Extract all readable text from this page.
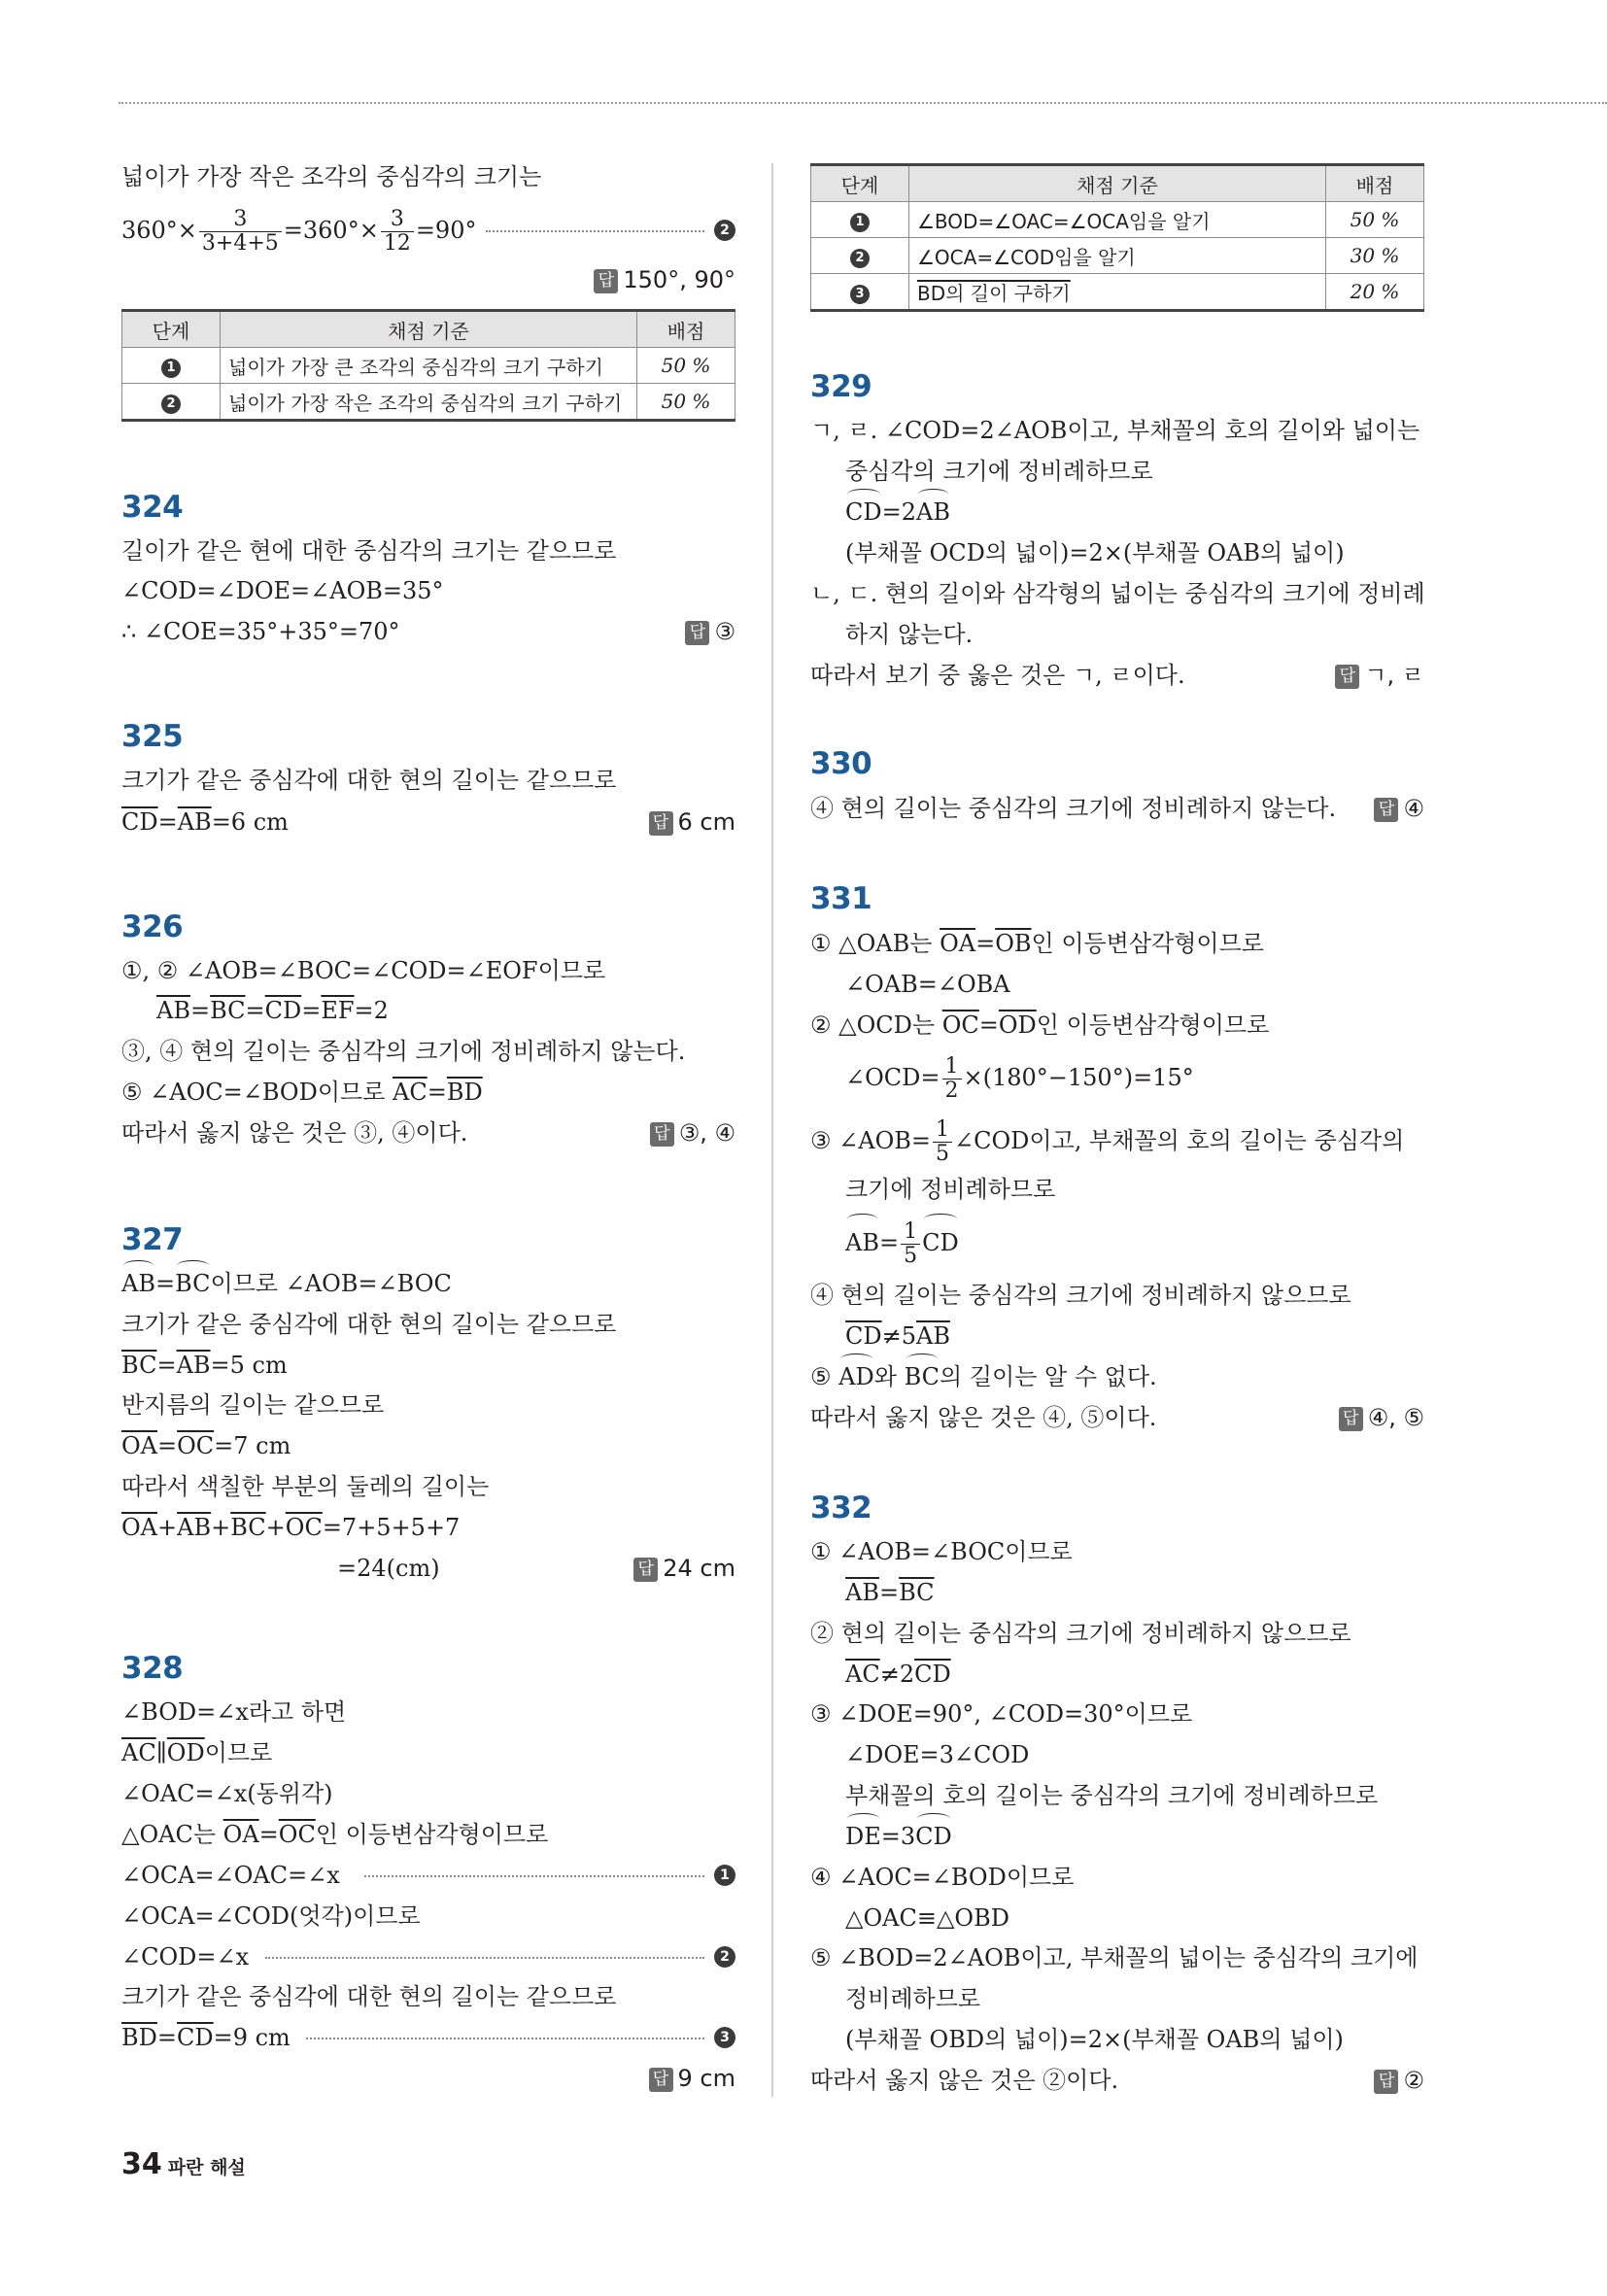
넓이가 가장 작은 조각의 중심각의 크기는
$360^\circ\times \frac{3}{3+4+5} =360^\circ\times \frac{3}{12} =90^\circ$	2
답 150°, 90°
단계	채점 기준	배점
1	넓이가 가장 큰 조각의 중심각의 크기 구하기	50 %
2	넓이가 가장 작은 조각의 중심각의 크기 구하기	50 %
324
길이가 같은 현에 대한 중심각의 크기는 같으므로
∠COD=∠DOE=∠AOB=35°
∴ ∠COE=35°+35°=70°	답 ③
325
크기가 같은 중심각에 대한 현의 길이는 같으므로
$\overline{CD}=\overline{AB}=6$ cm	답 6 cm
326
①, ② ∠AOB=∠BOC=∠COD=∠EOF이므로
$\overline{AB}=\overline{BC}=\overline{CD}=\overline{EF}=2$
③, ④ 현의 길이는 중심각의 크기에 정비례하지 않는다.
⑤ ∠AOC=∠BOD이므로 $\overline{AC}=\overline{BD}$
따라서 옳지 않은 것은 ③, ④이다.	답 ③, ④
327
AB=BC이므로 ∠AOB=∠BOC
크기가 같은 중심각에 대한 현의 길이는 같으므로
$\overline{BC}=\overline{AB}=5$ cm
반지름의 길이는 같으므로
$\overline{OA}=\overline{OC}=7$ cm
따라서 색칠한 부분의 둘레의 길이는
$\overline{OA}+\overline{AB}+\overline{BC}+\overline{OC}=7+5+5+7$
=24(cm)	답 24 cm
328
∠BOD=∠x라고 하면
$\overline{AC}\parallel\overline{OD}$이므로
∠OAC=∠x(동위각)
△OAC는 $\overline{OA}=\overline{OC}$인 이등변삼각형이므로
∠OCA=∠OAC=∠x	1
∠OCA=∠COD(엇각)이므로
∠COD=∠x	2
크기가 같은 중심각에 대한 현의 길이는 같으므로
$\overline{BD}=\overline{CD}=9$ cm	3
답 9 cm
단계	채점 기준	배점
1	∠BOD=∠OAC=∠OCA임을 알기	50 %
2	∠OCA=∠COD임을 알기	30 %
3	BD의 길이 구하기	20 %
329
ㄱ, ㄹ. ∠COD=2∠AOB이고, 부채꼴의 호의 길이와 넓이는
중심각의 크기에 정비례하므로
CD=2AB
(부채꼴 OCD의 넓이)=2×(부채꼴 OAB의 넓이)
ㄴ, ㄷ. 현의 길이와 삼각형의 넓이는 중심각의 크기에 정비례
하지 않는다.
따라서 보기 중 옳은 것은 ㄱ, ㄹ이다.	답 ㄱ, ㄹ
330
④ 현의 길이는 중심각의 크기에 정비례하지 않는다.	답 ④
331
① △OAB는 $\overline{OA}=\overline{OB}$인 이등변삼각형이므로
∠OAB=∠OBA
② △OCD는 $\overline{OC}=\overline{OD}$인 이등변삼각형이므로
∠OCD= $\frac{1}{2} \times(180^\circ-150^\circ)=15^\circ$
③ ∠AOB= $\frac{1}{5}$ ∠COD이고, 부채꼴의 호의 길이는 중심각의
크기에 정비례하므로
$AB= \frac{1}{5}$ CD
④ 현의 길이는 중심각의 크기에 정비례하지 않으므로
$\overline{CD}\ne 5\overline{AB}$
⑤ AD와 BC의 길이는 알 수 없다.
따라서 옳지 않은 것은 ④, ⑤이다.	답 ④, ⑤
332
① ∠AOB=∠BOC이므로
$\overline{AB}=\overline{BC}$
② 현의 길이는 중심각의 크기에 정비례하지 않으므로
$\overline{AC}\ne 2\overline{CD}$
③ ∠DOE=90°, ∠COD=30°이므로
∠DOE=3∠COD
부채꼴의 호의 길이는 중심각의 크기에 정비례하므로
DE=3CD
④ ∠AOC=∠BOD이므로
△OAC≡△OBD
⑤ ∠BOD=2∠AOB이고, 부채꼴의 넓이는 중심각의 크기에
정비례하므로
(부채꼴 OBD의 넓이)=2×(부채꼴 OAB의 넓이)
따라서 옳지 않은 것은 ②이다.	답 ②
34 파란 해설
